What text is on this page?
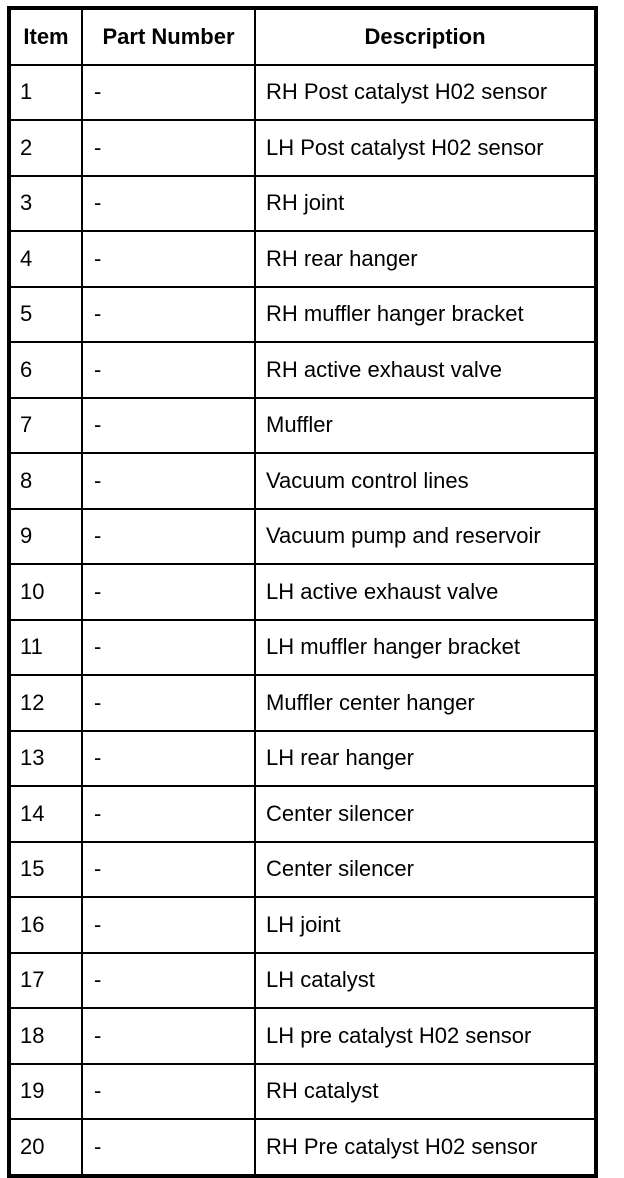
Item	Part Number	Description
1	-	RH Post catalyst H02 sensor
2	-	LH Post catalyst H02 sensor
3	-	RH joint
4	-	RH rear hanger
5	-	RH muffler hanger bracket
6	-	RH active exhaust valve
7	-	Muffler
8	-	Vacuum control lines
9	-	Vacuum pump and reservoir
10	-	LH active exhaust valve
11	-	LH muffler hanger bracket
12	-	Muffler center hanger
13	-	LH rear hanger
14	-	Center silencer
15	-	Center silencer
16	-	LH joint
17	-	LH catalyst
18	-	LH pre catalyst H02 sensor
19	-	RH catalyst
20	-	RH Pre catalyst H02 sensor
